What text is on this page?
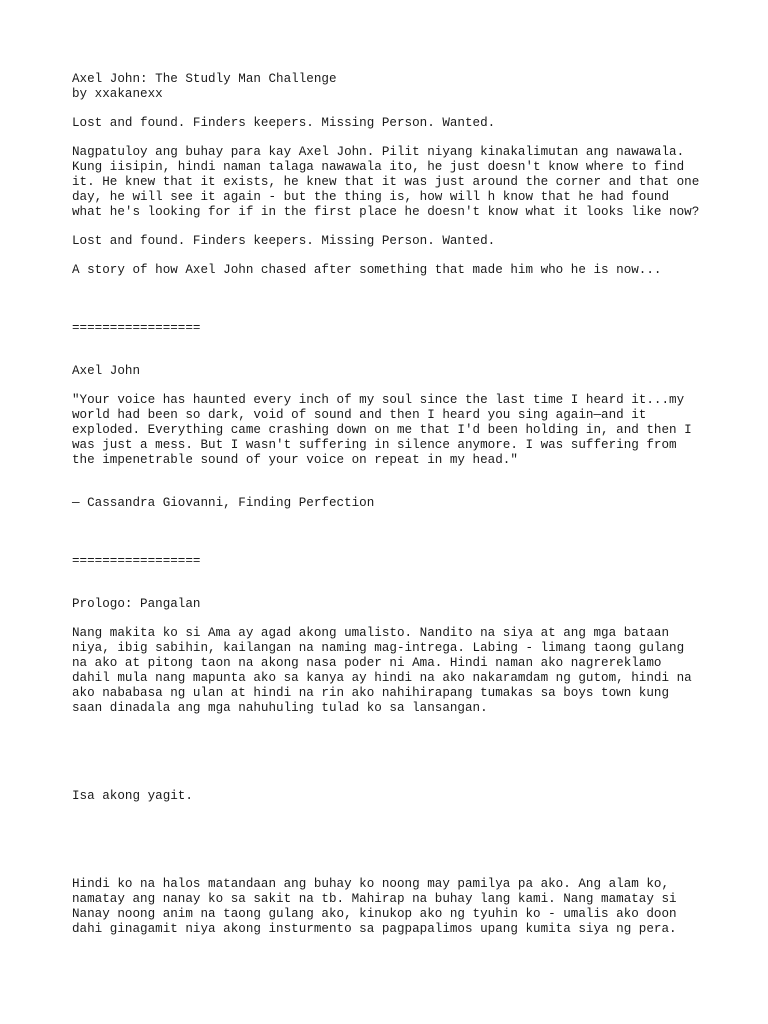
Axel John: The Studly Man Challenge
by xxakanexx
Lost and found. Finders keepers. Missing Person. Wanted.
Nagpatuloy ang buhay para kay Axel John. Pilit niyang kinakalimutan ang nawawala.
Kung iisipin, hindi naman talaga nawawala ito, he just doesn't know where to find
it. He knew that it exists, he knew that it was just around the corner and that one
day, he will see it again - but the thing is, how will h know that he had found
what he's looking for if in the first place he doesn't know what it looks like now?
Lost and found. Finders keepers. Missing Person. Wanted.
A story of how Axel John chased after something that made him who he is now...
=================
Axel John
"Your voice has haunted every inch of my soul since the last time I heard it...my
world had been so dark, void of sound and then I heard you sing again—and it
exploded. Everything came crashing down on me that I'd been holding in, and then I
was just a mess. But I wasn't suffering in silence anymore. I was suffering from
the impenetrable sound of your voice on repeat in my head."
— Cassandra Giovanni, Finding Perfection
=================
Prologo: Pangalan
Nang makita ko si Ama ay agad akong umalisto. Nandito na siya at ang mga bataan
niya, ibig sabihin, kailangan na naming mag-intrega. Labing - limang taong gulang
na ako at pitong taon na akong nasa poder ni Ama. Hindi naman ako nagrereklamo
dahil mula nang mapunta ako sa kanya ay hindi na ako nakaramdam ng gutom, hindi na
ako nababasa ng ulan at hindi na rin ako nahihirapang tumakas sa boys town kung
saan dinadala ang mga nahuhuling tulad ko sa lansangan.
Isa akong yagit.
Hindi ko na halos matandaan ang buhay ko noong may pamilya pa ako. Ang alam ko,
namatay ang nanay ko sa sakit na tb. Mahirap na buhay lang kami. Nang mamatay si
Nanay noong anim na taong gulang ako, kinukop ako ng tyuhin ko - umalis ako doon
dahi ginagamit niya akong insturmento sa pagpapalimos upang kumita siya ng pera.
